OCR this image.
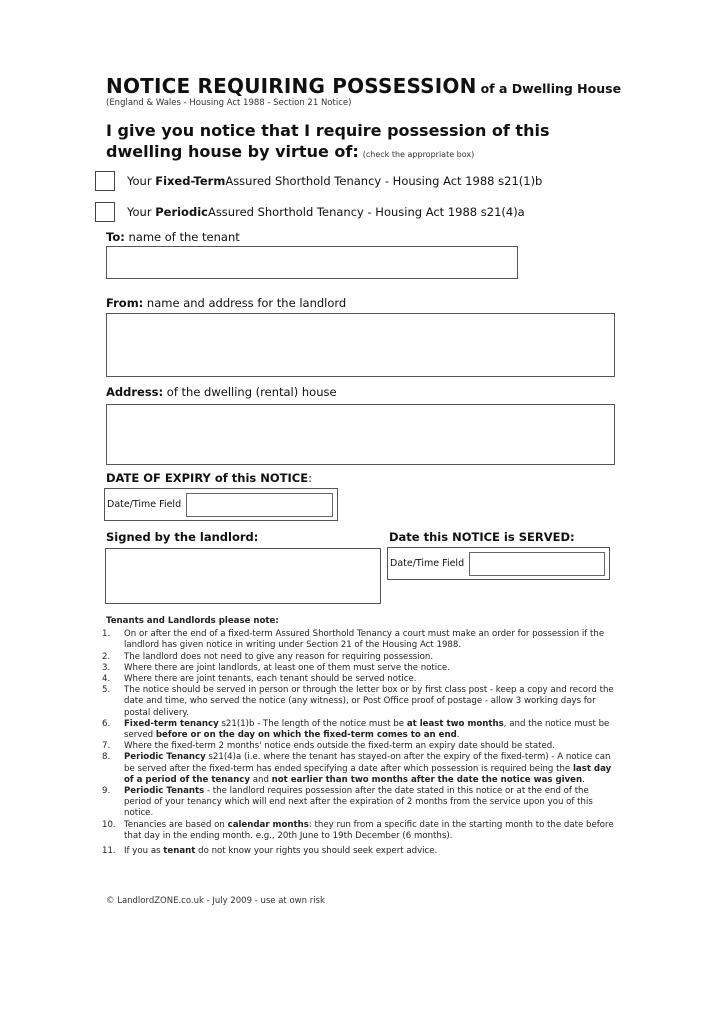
NOTICE REQUIRING POSSESSION of a Dwelling House
(England & Wales - Housing Act 1988 - Section 21 Notice)
I give you notice that I require possession of this dwelling house by virtue of: (check the appropriate box)
Your
Fixed-Term Assured Shorthold Tenancy - Housing Act 1988 s21(1)b
Your
Periodic Assured Shorthold Tenancy - Housing Act 1988 s21(4)a
To: name of the tenant
From: name and address for the landlord
Address: of the dwelling (rental) house
DATE OF EXPIRY of this NOTICE:
Date/Time Field
Signed by the landlord:	Date this NOTICE is SERVED:
Date/Time Field
Tenants and Landlords please note:
1.	On or after the end of a fixed-term Assured Shorthold Tenancy a court must make an order for possession if the landlord has given notice in writing under Section 21 of the Housing Act 1988.
2.	The landlord does not need to give any reason for requiring possession.
3.	Where there are joint landlords, at least one of them must serve the notice.
4.	Where there are joint tenants, each tenant should be served notice.
5.	The notice should be served in person or through the letter box or by first class post - keep a copy and record the date and time, who served the notice (any witness), or Post Office proof of postage - allow 3 working days for postal delivery.
6.	Fixed-term tenancy s21(1)b - The length of the notice must be at least two months, and the notice must be served before or on the day on which the fixed-term comes to an end.
7.	Where the fixed-term 2 months' notice ends outside the fixed-term an expiry date should be stated.
8.	Periodic Tenancy s21(4)a (i.e. where the tenant has stayed-on after the expiry of the fixed-term) - A notice can be served after the fixed-term has ended specifying a date after which possession is required being the last day of a period of the tenancy and not earlier than two months after the date the notice was given.
9.	Periodic Tenants - the landlord requires possession after the date stated in this notice or at the end of the period of your tenancy which will end next after the expiration of 2 months from the service upon you of this notice.
10. Tenancies are based on calendar months: they run from a specific date in the starting month to the date before that day in the ending month. e.g., 20th June to 19th December (6 months).
11. If you as tenant do not know your rights you should seek expert advice.
© LandlordZONE.co.uk - July 2009 - use at own risk
